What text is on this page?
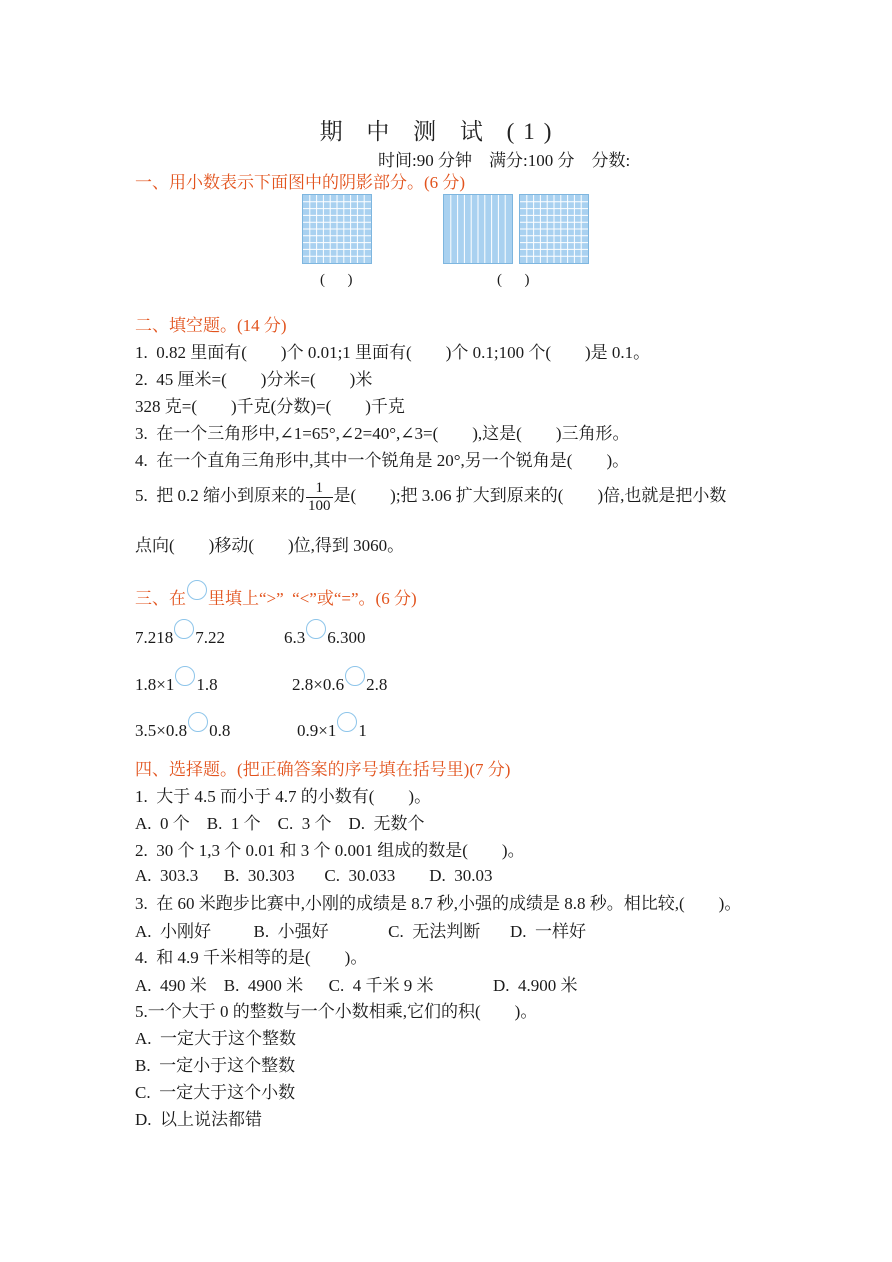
期 中 测 试 (1)
时间:90 分钟    满分:100 分    分数:
一、用小数表示下面图中的阴影部分。(6 分)
(      )	(      )
二、填空题。(14 分)
1.  0.82 里面有(        )个 0.01;1 里面有(        )个 0.1;100 个(        )是 0.1。
2.  45 厘米=(        )分米=(        )米
328 克=(        )千克(分数)=(        )千克
3.  在一个三角形中,∠1=65°,∠2=40°,∠3=(        ),这是(        )三角形。
4.  在一个直角三角形中,其中一个锐角是 20°,另一个锐角是(        )。
5.  把 0.2 缩小到原来的 $\frac{1}{100}$ 是(        );把 3.06 扩大到原来的(        )倍,也就是把小数
点向(        )移动(        )位,得到 3060。
三、在 里填上“>”  “<”或“=”。(6 分)
7.218 7.22	6.3 6.300
1.8×1 1.8	2.8×0.6 2.8
3.5×0.8 0.8	0.9×1 1
四、选择题。(把正确答案的序号填在括号里)(7 分)
1.  大于 4.5 而小于 4.7 的小数有(        )。
A.  0 个    B.  1 个    C.  3 个    D.  无数个
2.  30 个 1,3 个 0.01 和 3 个 0.001 组成的数是(        )。
A.  303.3      B.  30.303       C.  30.033        D.  30.03
3.  在 60 米跑步比赛中,小刚的成绩是 8.7 秒,小强的成绩是 8.8 秒。相比较,(        )。
A.  小刚好          B.  小强好              C.  无法判断       D.  一样好
4.  和 4.9 千米相等的是(        )。
A.  490 米    B.  4900 米      C.  4 千米 9 米              D.  4.900 米
5.一个大于 0 的整数与一个小数相乘,它们的积(        )。
A.  一定大于这个整数
B.  一定小于这个整数
C.  一定大于这个小数
D.  以上说法都错
